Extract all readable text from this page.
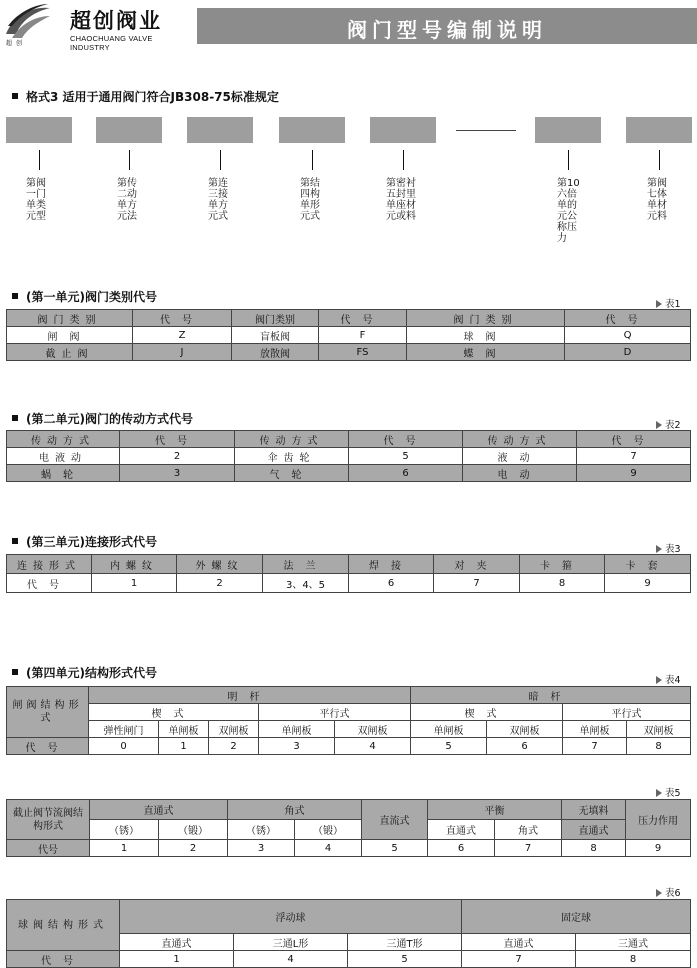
超创
超创阀业
CHAOCHUANG VALVE INDUSTRY
阀门型号编制说明
格式3 适用于通用阀门符合JB308-75标准规定
第阀一门单类元型
第传二动单方元法
第连三接单方元式
第结四构单形元式
第密衬五封里单座材元或料
第10六倍单的元公称压力
第阀七体单材元料
(第一单元)阀门类别代号
表1
阀门类别	代号	阀门类别	代号	阀门类别	代号
闸阀	Z	盲板阀	F	球阀	Q
截止阀	J	放散阀	FS	蝶阀	D
(第二单元)阀门的传动方式代号	表2
传动方式	代号	传动方式	代号	传动方式	代号
电液动	2	伞齿轮	5	液动	7
蜗轮	3	气轮	6	电动	9
(第三单元)连接形式代号
表3
连接形式	内螺纹	外螺纹	法兰	焊接	对夹	卡箍	卡套
代号	1	2	3、4、5	6	7	8	9
(第四单元)结构形式代号
表4
闸阀结构形式	明杆					暗杆			
	楔式			平行式		楔式		平行式	
	弹性闸门	单闸板	双闸板	单闸板	双闸板	单闸板	双闸板	单闸板	双闸板
代号	0	1	2	3	4	5	6	7	8
表5
截止阀节流阀结构形式	直通式		角式		直流式	平衡		无填料	压力作用
	（锈）	（锻）	（锈）	（锻）		直通式	角式	直通式	
代号	1	2	3	4	5	6	7	8	9
表6
球阀结构形式	浮动球			固定球	
	直通式	三通L形	三通T形	直通式	三通式
代号	1	4	5	7	8
